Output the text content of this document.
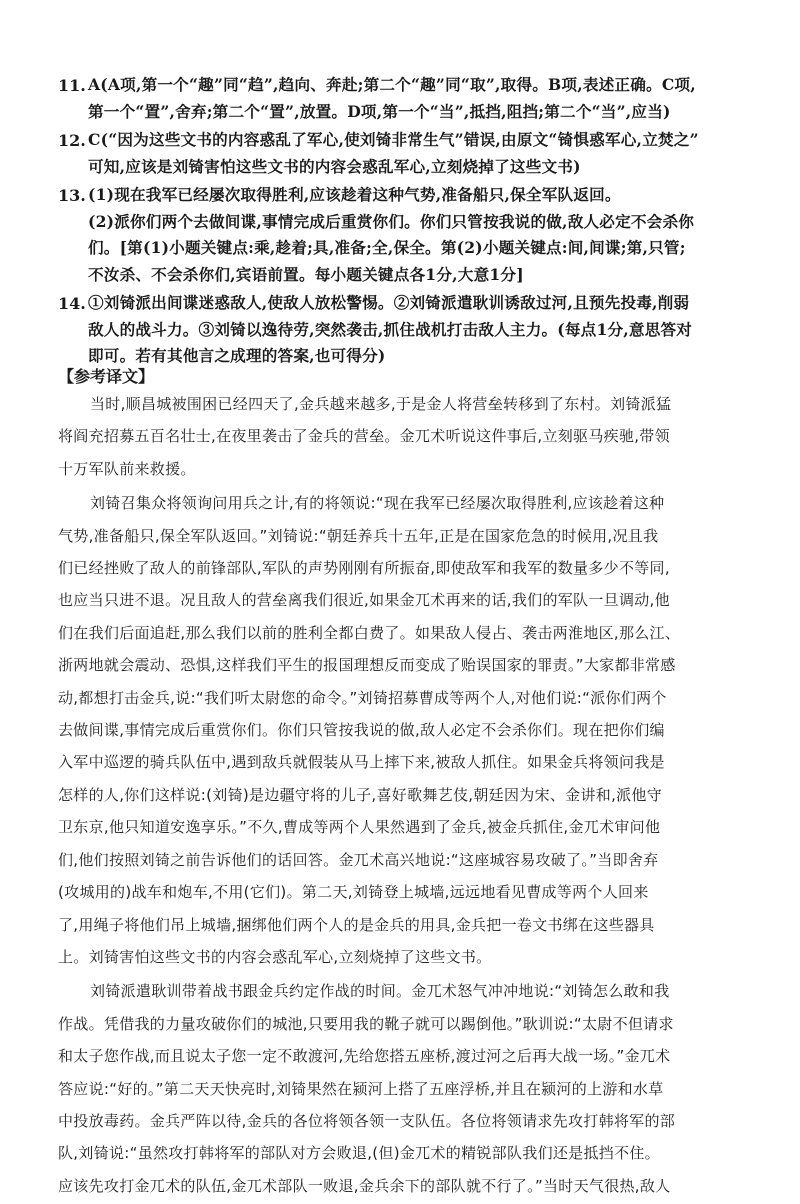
11. A(A项,第一个“趣”同“趋”,趋向、奔赴;第二个“趣”同“取”,取得。B项,表述正确。C项,
第一个“置”,舍弃;第二个“置”,放置。D项,第一个“当”,抵挡,阻挡;第二个“当”,应当)
12. C(“因为这些文书的内容惑乱了军心,使刘锜非常生气”错误,由原文“锜惧惑军心,立焚之”
可知,应该是刘锜害怕这些文书的内容会惑乱军心,立刻烧掉了这些文书)
13. (1)现在我军已经屡次取得胜利,应该趁着这种气势,准备船只,保全军队返回。
(2)派你们两个去做间谍,事情完成后重赏你们。你们只管按我说的做,敌人必定不会杀你
们。[第(1)小题关键点:乘,趁着;具,准备;全,保全。第(2)小题关键点:间,间谍;第,只管;
不汝杀、不会杀你们,宾语前置。每小题关键点各1分,大意1分]
14. ①刘锜派出间谍迷惑敌人,使敌人放松警惕。②刘锜派遣耿训诱敌过河,且预先投毒,削弱
敌人的战斗力。③刘锜以逸待劳,突然袭击,抓住战机打击敌人主力。(每点1分,意思答对
即可。若有其他言之成理的答案,也可得分)
【参考译文】
当时,顺昌城被围困已经四天了,金兵越来越多,于是金人将营垒转移到了东村。刘锜派猛
将阎充招募五百名壮士,在夜里袭击了金兵的营垒。金兀术听说这件事后,立刻驱马疾驰,带领
十万军队前来救援。
刘锜召集众将领询问用兵之计,有的将领说:“现在我军已经屡次取得胜利,应该趁着这种
气势,准备船只,保全军队返回。”刘锜说:“朝廷养兵十五年,正是在国家危急的时候用,况且我
们已经挫败了敌人的前锋部队,军队的声势刚刚有所振奋,即使敌军和我军的数量多少不等同,
也应当只进不退。况且敌人的营垒离我们很近,如果金兀术再来的话,我们的军队一旦调动,他
们在我们后面追赶,那么我们以前的胜利全都白费了。如果敌人侵占、袭击两淮地区,那么江、
浙两地就会震动、恐惧,这样我们平生的报国理想反而变成了贻误国家的罪责。”大家都非常感
动,都想打击金兵,说:“我们听太尉您的命令。”刘锜招募曹成等两个人,对他们说:“派你们两个
去做间谍,事情完成后重赏你们。你们只管按我说的做,敌人必定不会杀你们。现在把你们编
入军中巡逻的骑兵队伍中,遇到敌兵就假装从马上摔下来,被敌人抓住。如果金兵将领问我是
怎样的人,你们这样说:(刘锜)是边疆守将的儿子,喜好歌舞艺伎,朝廷因为宋、金讲和,派他守
卫东京,他只知道安逸享乐。”不久,曹成等两个人果然遇到了金兵,被金兵抓住,金兀术审问他
们,他们按照刘锜之前告诉他们的话回答。金兀术高兴地说:“这座城容易攻破了。”当即舍弃
(攻城用的)战车和炮车,不用(它们)。第二天,刘锜登上城墙,远远地看见曹成等两个人回来
了,用绳子将他们吊上城墙,捆绑他们两个人的是金兵的用具,金兵把一卷文书绑在这些器具
上。刘锜害怕这些文书的内容会惑乱军心,立刻烧掉了这些文书。
刘锜派遣耿训带着战书跟金兵约定作战的时间。金兀术怒气冲冲地说:“刘锜怎么敢和我
作战。凭借我的力量攻破你们的城池,只要用我的靴子就可以踢倒他。”耿训说:“太尉不但请求
和太子您作战,而且说太子您一定不敢渡河,先给您搭五座桥,渡过河之后再大战一场。”金兀术
答应说:“好的。”第二天天快亮时,刘锜果然在颍河上搭了五座浮桥,并且在颍河的上游和水草
中投放毒药。金兵严阵以待,金兵的各位将领各领一支队伍。各位将领请求先攻打韩将军的部
队,刘锜说:“虽然攻打韩将军的部队对方会败退,(但)金兀术的精锐部队我们还是抵挡不住。
应该先攻打金兀术的队伍,金兀术部队一败退,金兵余下的部队就不行了。”当时天气很热,敌人
